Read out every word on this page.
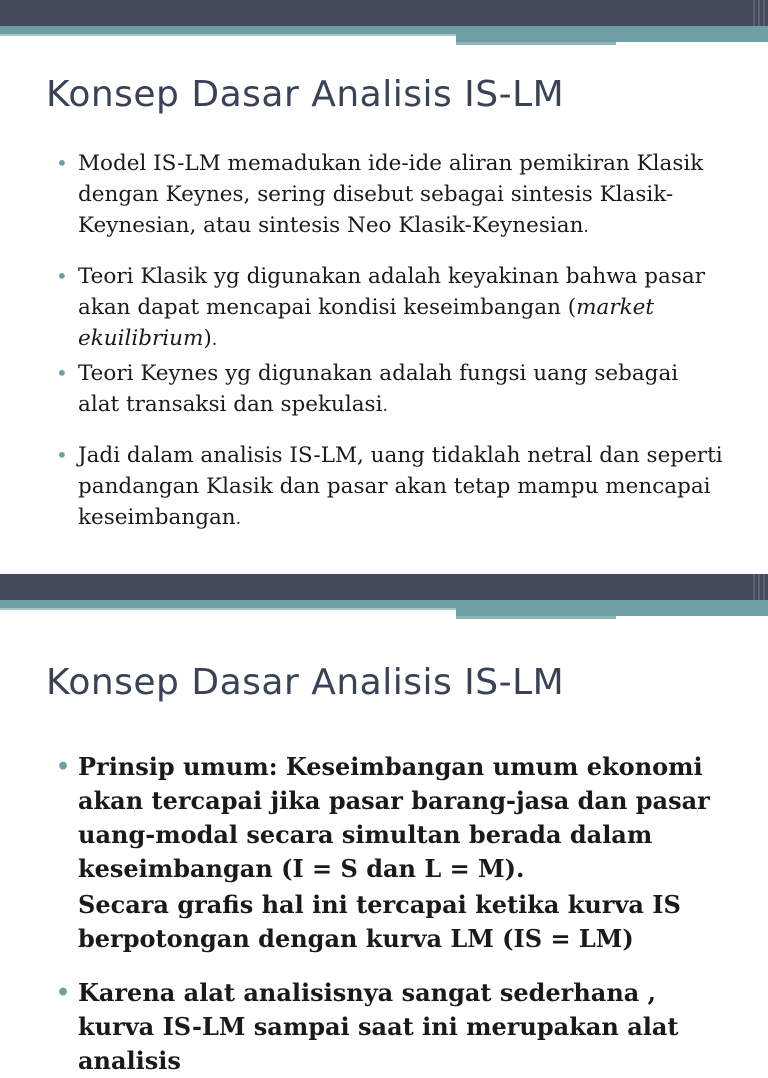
Konsep Dasar Analisis IS-LM
• Model IS-LM memadukan ide-ide aliran pemikiran Klasik dengan Keynes, sering disebut sebagai sintesis Klasik-Keynesian, atau sintesis Neo Klasik-Keynesian.
• Teori Klasik yg digunakan adalah keyakinan bahwa pasar akan dapat mencapai kondisi keseimbangan (market ekuilibrium).
• Teori Keynes yg digunakan adalah fungsi uang sebagai alat transaksi dan spekulasi.
• Jadi dalam analisis IS-LM, uang tidaklah netral dan seperti pandangan Klasik dan pasar akan tetap mampu mencapai keseimbangan.
Konsep Dasar Analisis IS-LM
• Prinsip umum: Keseimbangan umum ekonomi akan tercapai jika pasar barang-jasa dan pasar uang-modal secara simultan berada dalam keseimbangan (I = S dan L = M).
Secara grafis hal ini tercapai ketika kurva IS berpotongan dengan kurva LM (IS = LM)
• Karena alat analisisnya sangat sederhana , kurva IS-LM sampai saat ini merupakan alat analisis
